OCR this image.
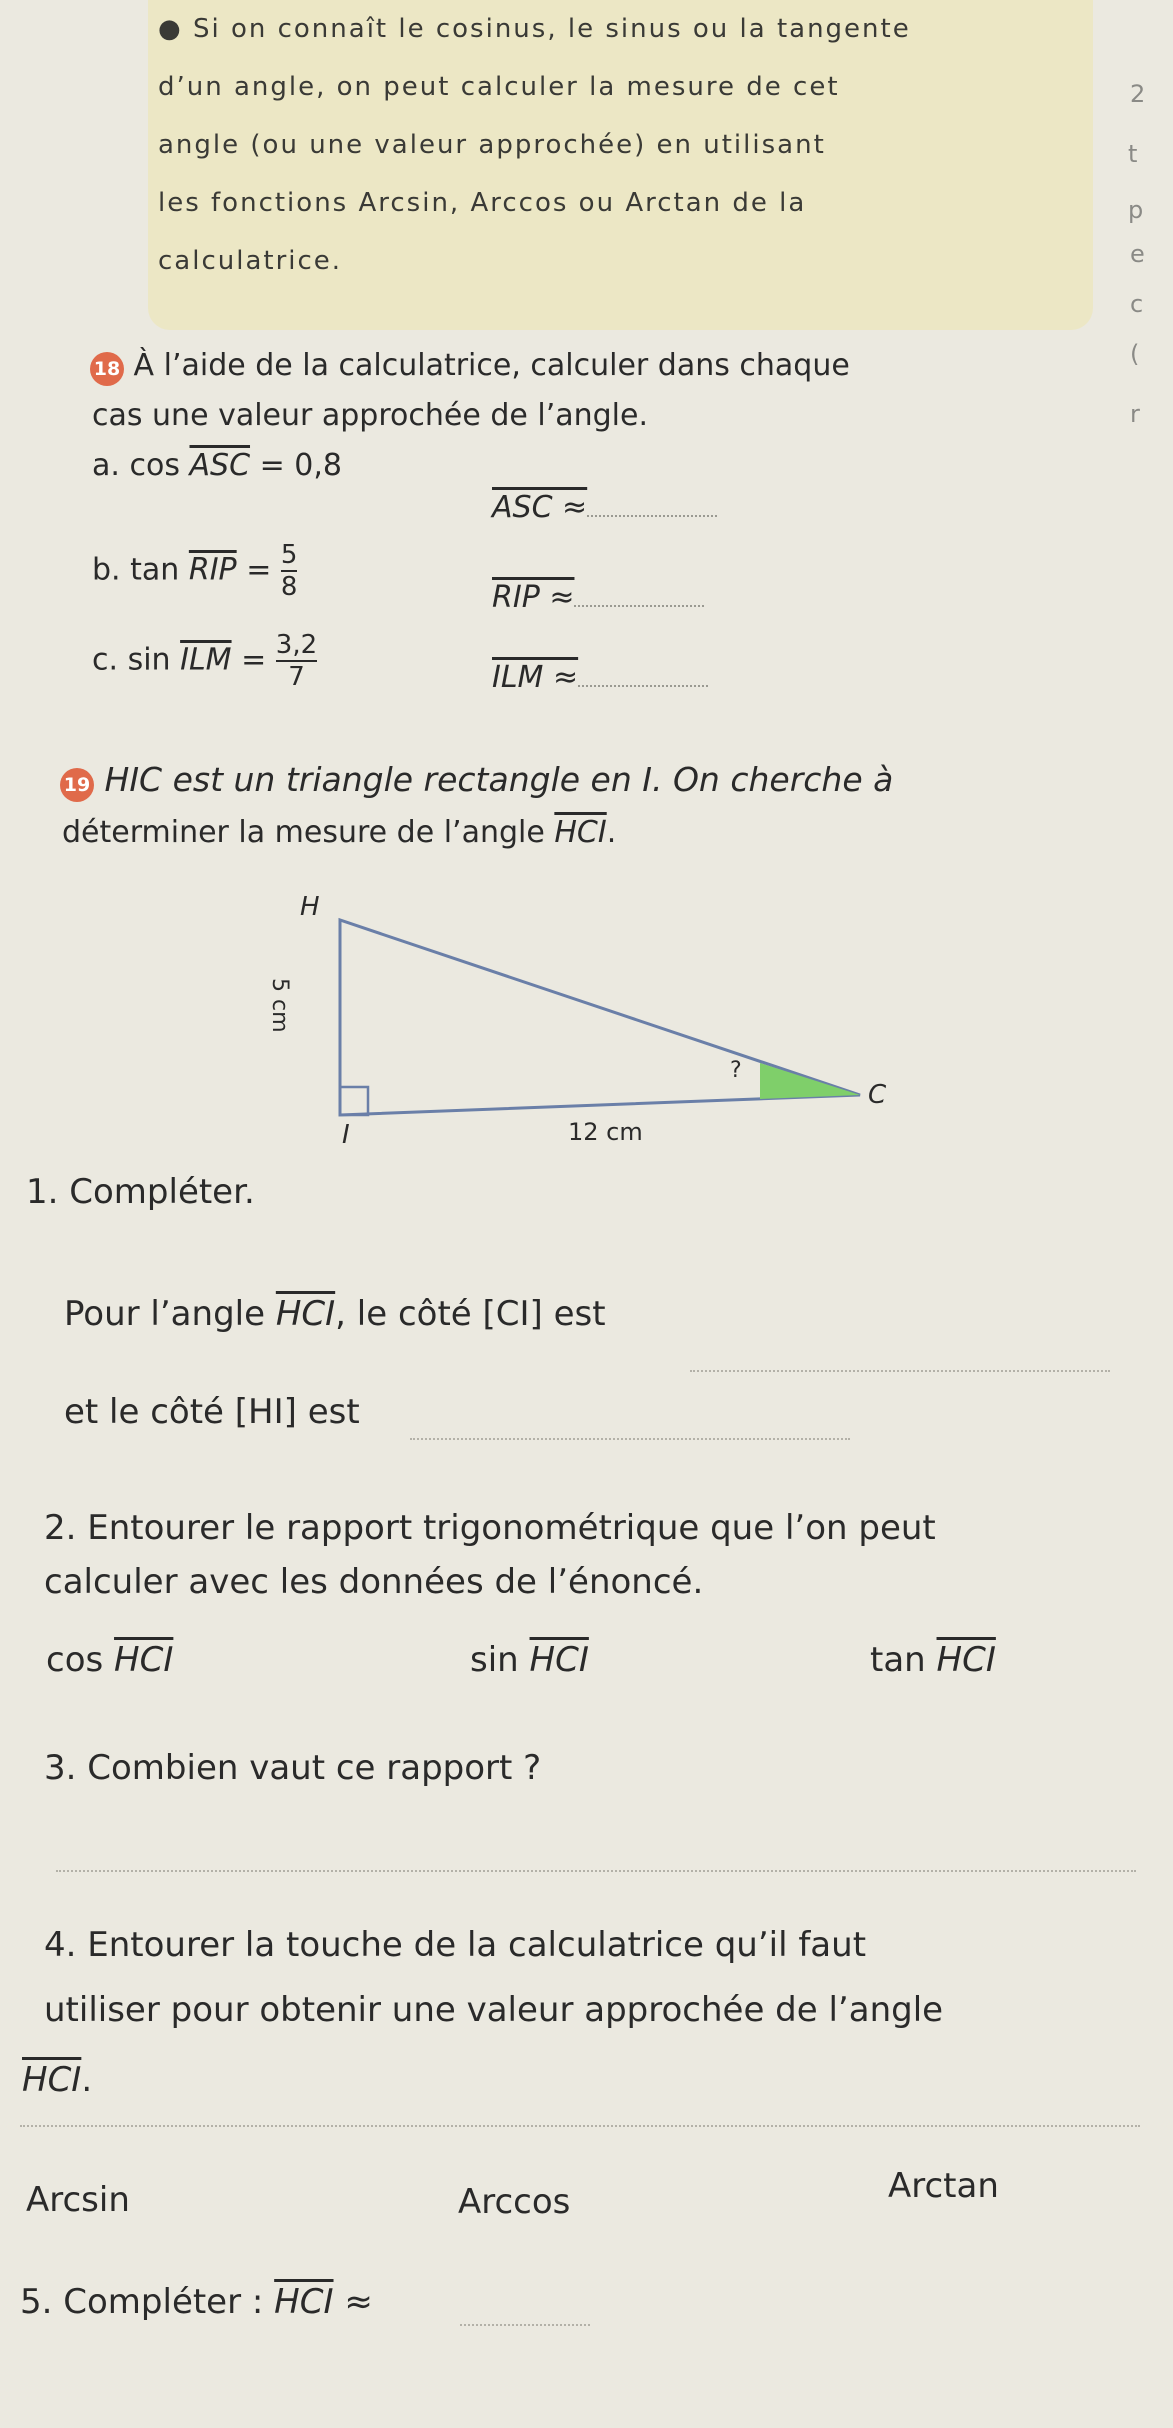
● Si on connaît le cosinus, le sinus ou la tangente
d’un angle, on peut calculer la mesure de cet
angle (ou une valeur approchée) en utilisant
les fonctions Arcsin, Arccos ou Arctan de la
calculatrice.
2
t
p
e
c
(
r
18 À l’aide de la calculatrice, calculer dans chaque
cas une valeur approchée de l’angle.
a. $\cos \overline{ASC} = 0,8$
ASC ≈
b. $\tan \overline{RIP} = \frac{5}{8}$	RIP ≈
c. $\sin \overline{ILM} = \frac{3,2}{7}$	ILM ≈
19 HIC est un triangle rectangle en I. On cherche à
déterminer la mesure de l’angle $\overline{HCI}$.
H
I
C
5 cm
12 cm
?
1. Compléter.
Pour l’angle $\overline{HCI}$, le côté [CI] est
et le côté [HI] est
2. Entourer le rapport trigonométrique que l’on peut
calculer avec les données de l’énoncé.
$\cos \overline{HCI}$	$\sin \overline{HCI}$	$\tan \overline{HCI}$
3. Combien vaut ce rapport ?
4. Entourer la touche de la calculatrice qu’il faut
utiliser pour obtenir une valeur approchée de l’angle
$\overline{HCI}$.
Arcsin	Arccos	Arctan
5. Compléter : $\overline{HCI}$ ≈
